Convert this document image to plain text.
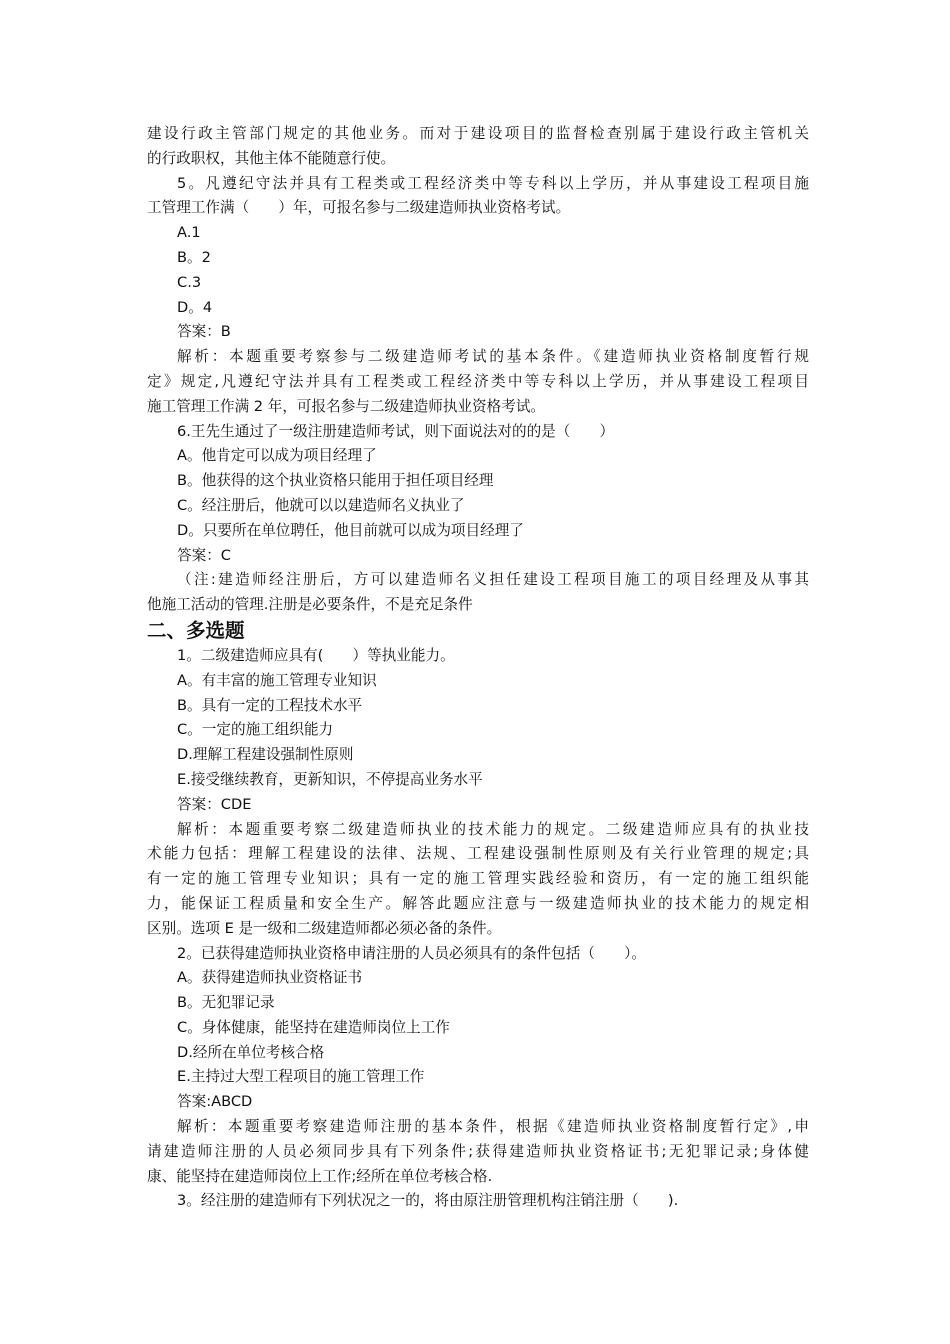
建设行政主管部门规定的其他业务。而对于建设项目的监督检查别属于建设行政主管机关
的行政职权，其他主体不能随意行使。
5。凡遵纪守法并具有工程类或工程经济类中等专科以上学历，并从事建设工程项目施
工管理工作满（　　）年，可报名参与二级建造师执业资格考试。
A.1
B。2
C.3
D。4
答案：B
解析：本题重要考察参与二级建造师考试的基本条件。《建造师执业资格制度暂行规
定》规定,凡遵纪守法并具有工程类或工程经济类中等专科以上学历，并从事建设工程项目
施工管理工作满 2 年，可报名参与二级建造师执业资格考试。
6.王先生通过了一级注册建造师考试，则下面说法对的的是（　　）
A。他肯定可以成为项目经理了
B。他获得的这个执业资格只能用于担任项目经理
C。经注册后，他就可以以建造师名义执业了
D。只要所在单位聘任，他目前就可以成为项目经理了
答案：C
（注:建造师经注册后，方可以建造师名义担任建设工程项目施工的项目经理及从事其
他施工活动的管理.注册是必要条件，不是充足条件
二、多选题
1。二级建造师应具有(　　）等执业能力。
A。有丰富的施工管理专业知识
B。具有一定的工程技术水平
C。一定的施工组织能力
D.理解工程建设强制性原则
E.接受继续教育，更新知识，不停提高业务水平
答案：CDE
解析：本题重要考察二级建造师执业的技术能力的规定。二级建造师应具有的执业技
术能力包括：理解工程建设的法律、法规、工程建设强制性原则及有关行业管理的规定;具
有一定的施工管理专业知识；具有一定的施工管理实践经验和资历，有一定的施工组织能
力，能保证工程质量和安全生产。解答此题应注意与一级建造师执业的技术能力的规定相
区别。选项 E 是一级和二级建造师都必须必备的条件。
2。已获得建造师执业资格申请注册的人员必须具有的条件包括（　　）。
A。获得建造师执业资格证书
B。无犯罪记录
C。身体健康，能坚持在建造师岗位上工作
D.经所在单位考核合格
E.主持过大型工程项目的施工管理工作
答案:ABCD
解析：本题重要考察建造师注册的基本条件，根据《建造师执业资格制度暂行定》,申
请建造师注册的人员必须同步具有下列条件;获得建造师执业资格证书;无犯罪记录;身体健
康、能坚持在建造师岗位上工作;经所在单位考核合格.
3。经注册的建造师有下列状况之一的，将由原注册管理机构注销注册（　　).
